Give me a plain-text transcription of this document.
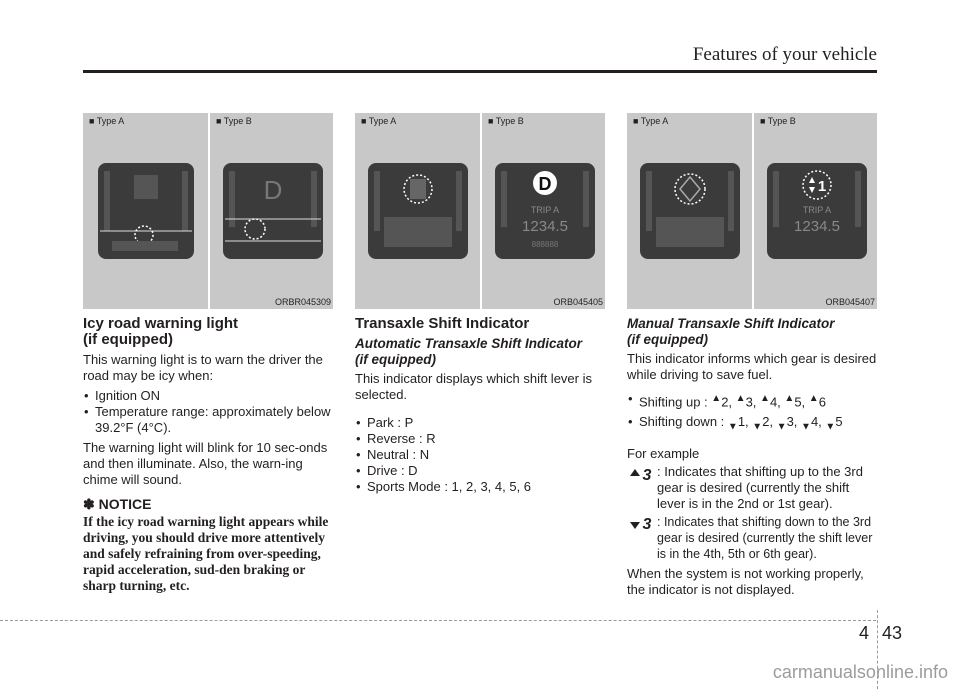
Features of your vehicle
■ Type A	■ Type B
D
ORBR045309
■ Type A	■ Type B
D
TRIP A
1234.5
888888
ORB045405
■ Type A	■ Type B
1
TRIP A
1234.5
ORB045407
Icy road warning light
(if equipped)

This warning light is to warn the driver the road may be icy when:

• Ignition ON
• Temperature range: approximately below 39.2°F (4°C).

The warning light will blink for 10 sec-onds and then illuminate. Also, the warn-ing chime will sound.

✽ NOTICE
If the icy road warning light appears while driving, you should drive more attentively and safely refraining from over-speeding, rapid acceleration, sud-den braking or sharp turning, etc.
Transaxle Shift Indicator
Automatic Transaxle Shift Indicator
(if equipped)

This indicator displays which shift lever is selected.

• Park : P
• Reverse : R
• Neutral : N
• Drive : D
• Sports Mode : 1, 2, 3, 4, 5, 6
Manual Transaxle Shift Indicator
(if equipped)

This indicator informs which gear is desired while driving to save fuel.

• Shifting up : ▲2, ▲3, ▲4, ▲5, ▲6
• Shifting down : $_▼$1, $_▼$2, $_▼$3, $_▼$4, $_▼$5

For example

3 : Indicates that shifting up to the 3rd gear is desired (currently the shift lever is in the 2nd or 1st gear).
3 : Indicates that shifting down to the 3rd gear is desired (currently the shift lever is in the 4th, 5th or 6th gear).

When the system is not working properly, the indicator is not displayed.

4 43
carmanualsonline.info
